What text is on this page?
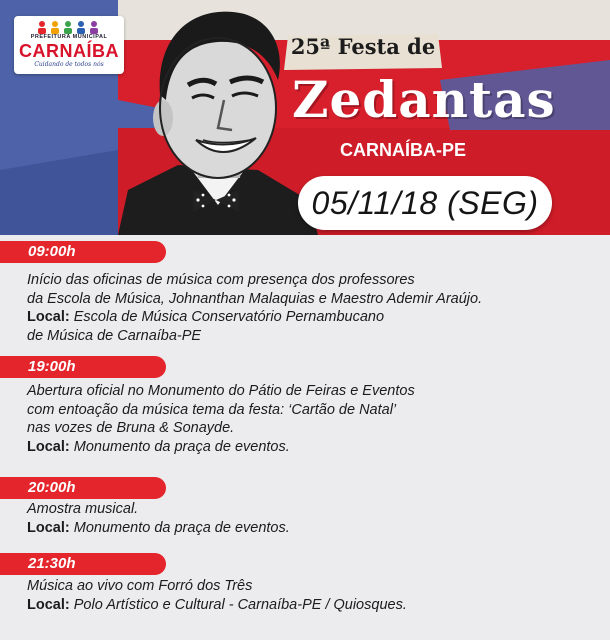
PREFEITURA MUNICIPAL
CARNAÍBA
Cuidando de todos nós
25ª Festa de
Zedantas
CARNAÍBA-PE
05/11/18 (SEG)
09:00h

Início das oficinas de música com presença dos professores

da Escola de Música, Johnanthan Malaquias e Maestro Ademir Araújo.

Local: Escola de Música Conservatório Pernambucano

de Música de Carnaíba-PE

19:00h

Abertura oficial no Monumento do Pátio de Feiras e Eventos

com entoação da música tema da festa: ‘Cartão de Natal’

nas vozes de Bruna & Sonayde.

Local: Monumento da praça de eventos.

20:00h

Amostra musical.

Local: Monumento da praça de eventos.

21:30h

Música ao vivo com Forró dos Três

Local: Polo Artístico e Cultural - Carnaíba-PE / Quiosques.
